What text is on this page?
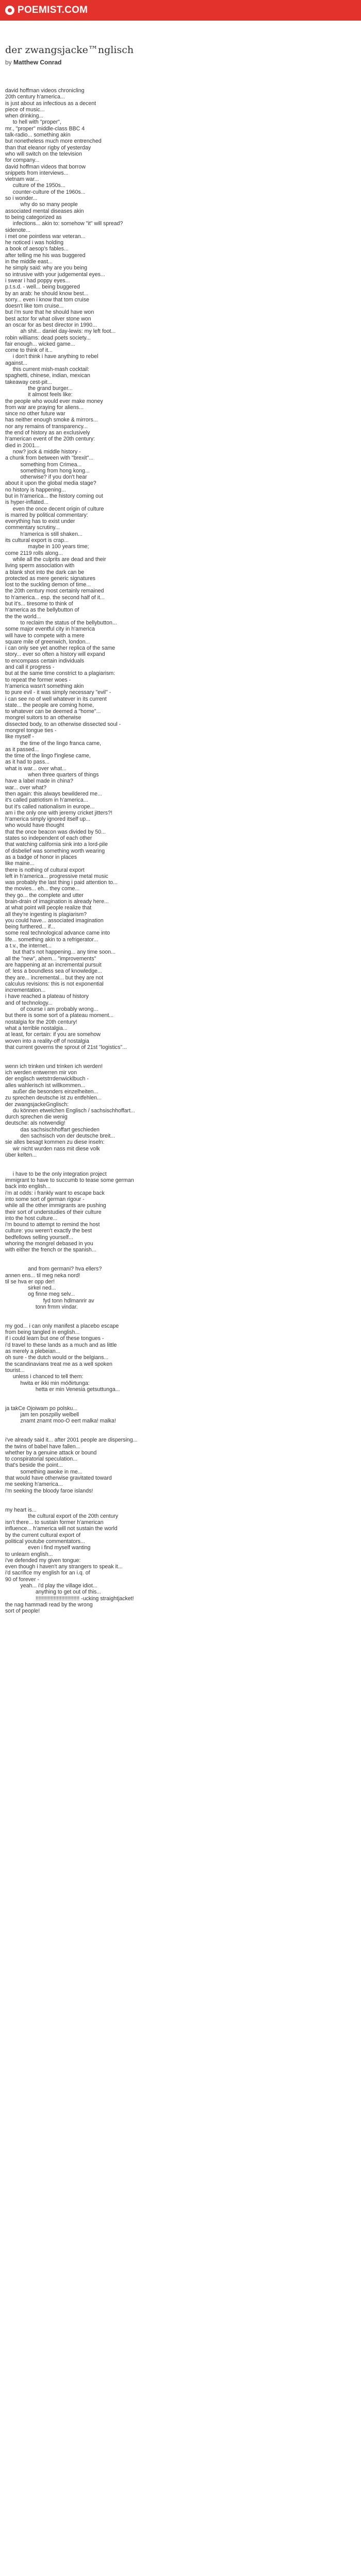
POEMIST.COM
der zwangsjacke™nglisch
by Matthew Conrad
david hoffman videos chronicling
20th century h'america...
is just about as infectious as a decent
piece of music...
when drinking...
to hell with "proper",
mr., "proper" middle-class BBC 4
talk-radio... something akin
but nonetheless much more entrenched
than that eleanor rigby of yesterday
who will switch on the television
for company...
david hoffman videos that borrow
snippets from interviews...
vietnam war...
culture of the 1950s...
counter-culture of the 1960s...
so i wonder...
why do so many people
associated mental diseases akin
to being categorized as
infections... akin to: somehow "it" will spread?
sidenote...
i met one pointless war veteran...
he noticed i was holding
a book of aesop's fables...
after telling me his was buggered
in the middle east...
he simply said: why are you being
so intrusive with your judgemental eyes...
i swear i had poppy eyes...
p.t.s.d. - well... being buggered
by an arab: he should know best...
sorry... even i know that tom cruise
doesn't like tom cruise...
but i'm sure that he should have won
best actor for what oliver stone won
an oscar for as best director in 1990...
ah shit... daniel day-lewis: my left foot...
robin williams: dead poets society...
fair enough... wicked game...
come to think of it...
i don't think i have anything to rebel
against...
this current mish-mash cocktail:
spaghetti, chinese, indian, mexican
takeaway cest-pit...
the grand burger...
it almost feels like:
the people who would ever make money
from war are praying for aliens...
since no other future war
has neither enough smoke & mirrors...
nor any remains of transparency...
the end of history as an exclusively
h'american event of the 20th century:
died in 2001...
now? jock & middle history -
a chunk from between with "brexit"...
something from Crimea...
something from hong kong...
otherwise? if you don't hear
about it upon the global media stage?
no history is happening...
but in h'america... the history coming out
is hyper-inflated...
even the once decent origin of culture
is marred by political commentary:
everything has to exist under
commentary scrutiny...
h'america is still shaken...
its cultural export is crap...
maybe in 100 years time;
come 2119 rolls along...
while all the culprits are dead and their
living sperm association with
a blank shot into the dark can be
protected as mere generic signatures
lost to the suckling demon of time...
the 20th century most certainly remained
to h'america... esp. the second half of it...
but it's... tiresome to think of
h'america as the bellybutton of
the the world...
to reclaim the status of the bellybutton...
some major eventful city in h'america
will have to compete with a mere
square mile of greenwich, london...
i can only see yet another replica of the same
story... ever so often a history will expand
to encompass certain individuals
and call it progress -
but at the same time constrict to a plagiarism:
to repeat the former woes -
h'america wasn't something akin
to pure evil - it was simply necessary "evil" -
i can see no of well whatever in its current
state... the people are coming home,
to whatever can be deemed a "home"...
mongrel suitors to an otherwise
dissected body, to an otherwise dissected soul -
mongrel tongue ties -
like myself -
the time of the lingo franca came,
as it passed...
the time of the lingo f'inglese came,
as it had to pass...
what is war... over what...
when three quarters of things
have a label made in china?
war... over what?
then again: this always bewildered me...
it's called patriotism in h'america...
but it's called nationalism in europe...
am i the only one with jeremy cricket jitters?!
h'america simply ignored itself up...
who would have thought
that the once beacon was divided by 50...
states so independent of each other
that watching california sink into a lord-pile
of disbelief was something worth wearing
as a badge of honor in places
like maine...
there is nothing of cultural export
left in h'america... progressive metal music
was probably the last thing i paid attention to...
the movies... eh... they come...
they go... the complete and utter
brain-drain of imagination is already here...
at what point will people realize that
all they're ingesting is plagiarism?
you could have... associated imagination
being furthered... if...
some real technological advance came into
life... something akin to a refrigerator...
a t.v., the internet...
but that's not happening... any time soon...
all the "new", ahem... "improvements"
are happening at an incremental pursuit
of: less a boundless sea of knowledge...
they are... incremental... but they are not
calculus revisions: this is not exponential
incrementation...
i have reached a plateau of history
and of technology...
of course i am probably wrong...
but there is some sort of a plateau moment...
nostalgia for the 20th century!
what a terrible nostalgia...
at least, for certain: if you are somehow
woven into a reality-off of nostalgia
that current governs the sprout of 21st "logistics"...
wenn ich trinken und trinken ich werden!
ich werden entwerren mir von
der englisch wetstrrdenwicklbuch -
alles wahlerisch ist willkommen...
außer die besonders einzelheiten...
zu sprechen deutsche ist zu entfehlen...
der zwangsjackeGnglisch:
du können etwelchen Englisch / sachsischhoffart...
durch sprechen die wenig
deutsche: als notwendig!
das sachsischhoffart geschieden
den sachsisch von der deutsche breit...
sie alles besagt kommen zu diese inseln:
wir nicht wurden nass mit diese volk
über kelten...
i have to be the only integration project
immigrant to have to succumb to tease some german
back into english...
i'm at odds: i frankly want to escape back
into some sort of german rigour -
while all the other immigrants are pushing
their sort of understudies of their culture
into the host culture...
i'm bound to attempt to remind the host
culture: you weren't exactly the best
bedfellows selling yourself...
whoring the mongrel debased in you
with either the french or the spanish...
and from germani? hva ellers?
annen ens... til meg neka nord!
til se hva er opp der!
sirkel ned...
og finne meg selv...
fyd tonn hdlmanrir av
tonn frmm vindar.
my god... i can only manifest a placebo escape
from being tangled in english...
if i could learn but one of these tongues -
i'd travel to these lands as a much and as little
as merely a plebeian...
oh sure - the dutch would or the belgians...
the scandinavians treat me as a well spoken
tourist...
unless i chanced to tell them:
hwita er ikki min móðirtunga:
hetta er min Venesia getsuttunga...
ja takCe Ojoiwam po polsku...
jam ten poszpiliy welbell
znamt znamt moo-O eert malka! malka!
i've already said it... after 2001 people are dispersing...
the twins of babel have fallen...
whether by a genuine attack or bound
to conspiratorial speculation...
that's beside the point...
something awoke in me...
that would have otherwise gravitated toward
me seeking h'america...
i'm seeking the bloody faroe islands!
my heart is...
the cultural export of the 20th century
isn't there... to sustain former h'american
influence... h'america will not sustain the world
by the current cultural export of
political youtube commentators...
even i find myself wanting
to unlearn english...
i've defended my given tongue:
even though i haven't any strangers to speak it...
i'd sacrifice my english for an i.q. of
90 of forever -
yeah... i'd play the village idiot...
anything to get out of this...
!!!!!!!!!!!!!!!!!!!!!!!!!!!!! -ucking straightjacket!
the nag hammadi read by the wrong
sort of people!
